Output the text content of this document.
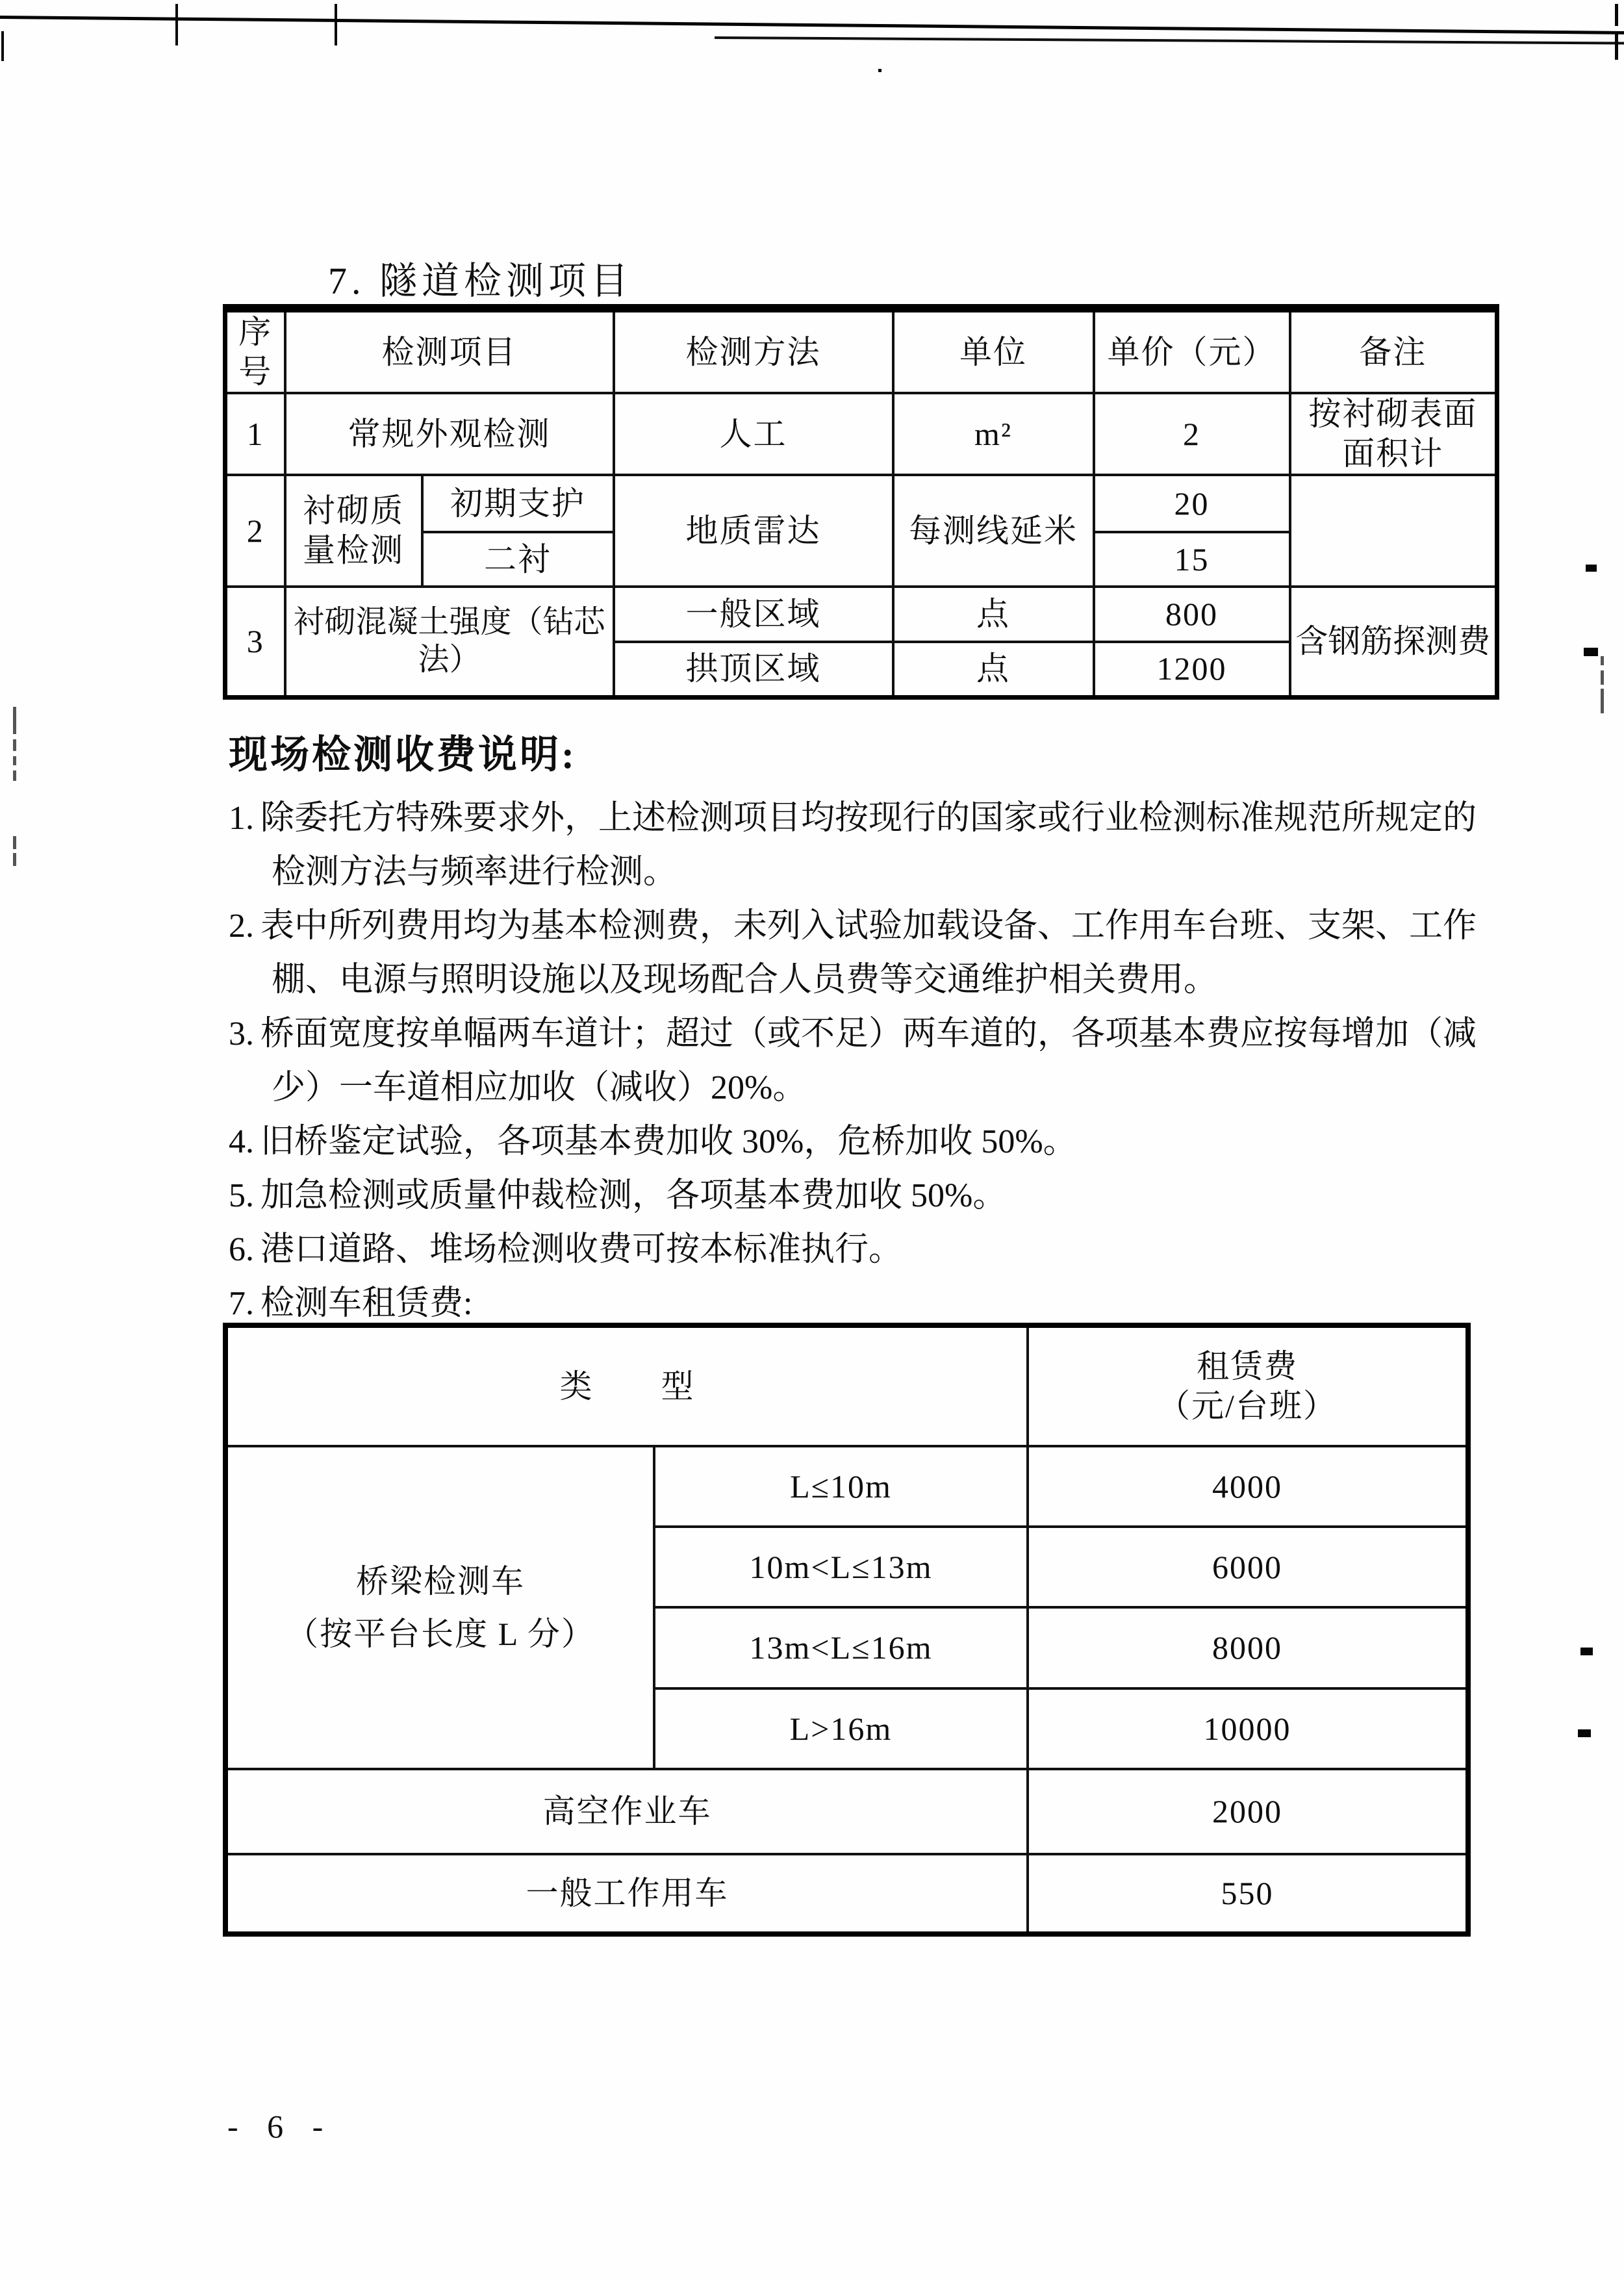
7. 隧道检测项目
序号	检测项目		检测方法	单位	单价（元）	备注
1	常规外观检测		人工	m²	2	按衬砌表面
面积计

2	衬砌质
量检测	初期支护	地质雷达	每测线延米	20	
		二衬			15	
3	衬砌混凝土强度（钻芯
法）		一般区域	点	800	含钢筋探测费
			拱顶区域	点	1200	
现场检测收费说明:
1. 除委托方特殊要求外，上述检测项目均按现行的国家或行业检测标准规范所规定的
检测方法与频率进行检测。
2. 表中所列费用均为基本检测费，未列入试验加载设备、工作用车台班、支架、工作
棚、电源与照明设施以及现场配合人员费等交通维护相关费用。
3. 桥面宽度按单幅两车道计；超过（或不足）两车道的，各项基本费应按每增加（减
少）一车道相应加收（减收）20%。
4. 旧桥鉴定试验，各项基本费加收 30%，危桥加收 50%。
5. 加急检测或质量仲裁检测，各项基本费加收 50%。
6. 港口道路、堆场检测收费可按本标准执行。
7. 检测车租赁费:
类　　型		租赁费
（元/台班）

桥梁检测车
（按平台长度 L 分）	L≤10m	4000
	10m<L≤13m	6000
	13m<L≤16m	8000
	L>16m	10000
高空作业车		2000
一般工作用车		550
- 6 -
